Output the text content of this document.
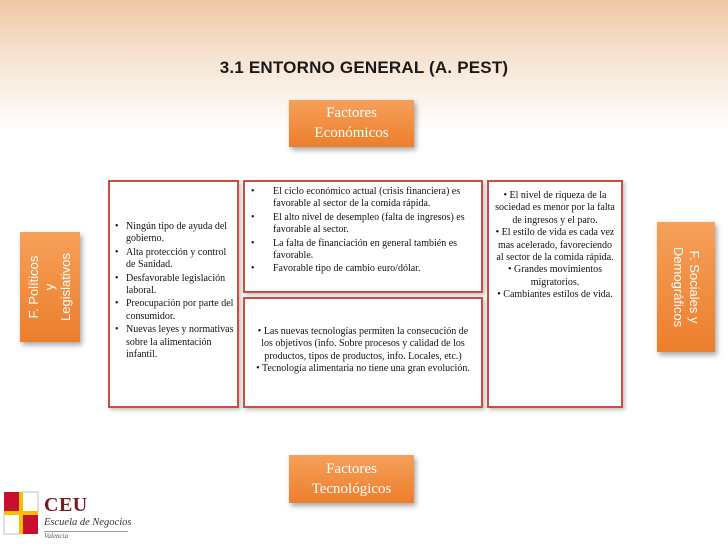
3.1 ENTORNO GENERAL (A. PEST)
Factores
Económicos
Factores
Tecnológicos
F. Políticos y
Legislativos	F. Sociales y
Demográficos
• Ningún tipo de ayuda del gobierno.
• Alta protección y control de Sanidad.
• Desfavorable legislación laboral.
• Preocupación por parte del consumidor.
• Nuevas leyes y normativas sobre la alimentación infantil.
• El ciclo económico actual (crisis financiera) es favorable al sector de la comida rápida.
• El alto nivel de desempleo (falta de ingresos) es favorable al sector.
• La falta de financiación en general también es favorable.
• Favorable tipo de cambio euro/dólar.
• Las nuevas tecnologías permiten la consecución de los objetivos (info. Sobre procesos y calidad de los productos, tipos de productos, info. Locales, etc.)
• Tecnología alimentaria no tiene una gran evolución.
• El nivel de riqueza de la sociedad es menor por la falta de ingresos y el paro.
• El estilo de vida es cada vez mas acelerado, favoreciendo al sector de la comida rápida.
• Grandes movimientos migratorios.
• Cambiantes estilos de vida.
CEU
Escuela de Negocios
Valencia
